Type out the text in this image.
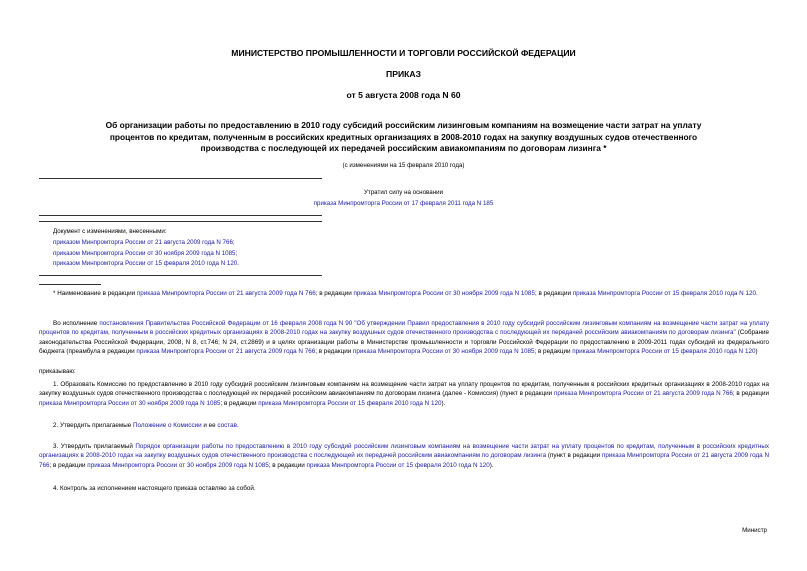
МИНИСТЕРСТВО ПРОМЫШЛЕННОСТИ И ТОРГОВЛИ РОССИЙСКОЙ ФЕДЕРАЦИИ
ПРИКАЗ
от 5 августа 2008 года N 60
Об организации работы по предоставлению в 2010 году субсидий российским лизинговым компаниям на возмещение части затрат на уплату процентов по кредитам, полученным в российских кредитных организациях в 2008-2010 годах на закупку воздушных судов отечественного производства с последующей их передачей российским авиакомпаниям по договорам лизинга *
(с изменениями на 15 февраля 2010 года)
Утратил силу на основании
приказа Минпромторга России от 17 февраля 2011 года N 185
Документ с изменениями, внесенными:
приказом Минпромторга России от 21 августа 2009 года N 766;
приказом Минпромторга России от 30 ноября 2009 года N 1085;
приказом Минпромторга России от 15 февраля 2010 года N 120.
* Наименование в редакции приказа Минпромторга России от 21 августа 2009 года N 766; в редакции приказа Минпромторга России от 30 ноября 2009 года N 1085; в редакции приказа Минпромторга России от 15 февраля 2010 года N 120.
Во исполнение постановления Правительства Российской Федерации от 16 февраля 2008 года N 90 "Об утверждении Правил предоставления в 2010 году субсидий российским лизинговым компаниям на возмещение части затрат на уплату процентов по кредитам, полученным в российских кредитных организациях в 2008-2010 годах на закупку воздушных судов отечественного производства с последующей их передачей российским авиакомпаниям по договорам лизинга" (Собрание законодательства Российской Федерации, 2008, N 8, ст.746; N 24, ст.2869) и в целях организации работы в Министерстве промышленности и торговли Российской Федерации по предоставлению в 2009-2011 годах субсидий из федерального бюджета (преамбула в редакции приказа Минпромторга России от 21 августа 2009 года N 766; в редакции приказа Минпромторга России от 30 ноября 2009 года N 1085; в редакции приказа Минпромторга России от 15 февраля 2010 года N 120)
приказываю:
1. Образовать Комиссию по предоставлению в 2010 году субсидий российским лизинговым компаниям на возмещение части затрат на уплату процентов по кредитам, полученным в российских кредитных организациях в 2008-2010 годах на закупку воздушных судов отечественного производства с последующей их передачей российским авиакомпаниям по договорам лизинга (далее - Комиссия) (пункт в редакции приказа Минпромторга России от 21 августа 2009 года N 766; в редакции приказа Минпромторга России от 30 ноября 2009 года N 1085; в редакции приказа Минпромторга России от 15 февраля 2010 года N 120).
2. Утвердить прилагаемые Положение о Комиссии и ее состав.
3. Утвердить прилагаемый Порядок организации работы по предоставлению в 2010 году субсидий российским лизинговым компаниям на возмещение части затрат на уплату процентов по кредитам, полученным в российских кредитных организациях в 2008-2010 годах на закупку воздушных судов отечественного производства с последующей их передачей российским авиакомпаниям по договорам лизинга (пункт в редакции приказа Минпромторга России от 21 августа 2009 года N 766; в редакции приказа Минпромторга России от 30 ноября 2009 года N 1085; в редакции приказа Минпромторга России от 15 февраля 2010 года N 120).
4. Контроль за исполнением настоящего приказа оставляю за собой.
Министр
